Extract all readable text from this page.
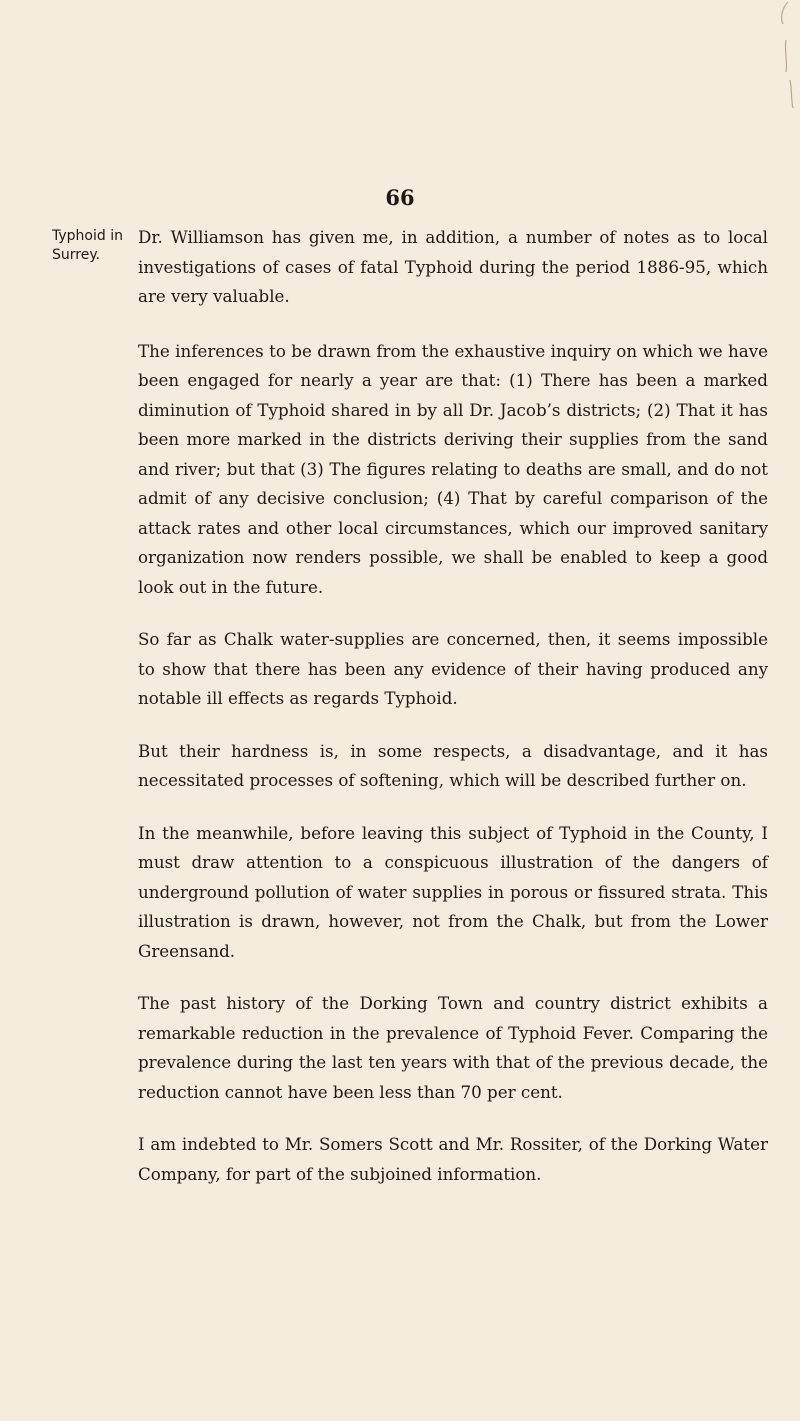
66
Typhoid in Surrey.

Dr. Williamson has given me, in addition, a number of notes as to local investigations of cases of fatal Typhoid during the period 1886-95, which are very valuable.

The inferences to be drawn from the exhaustive inquiry on which we have been engaged for nearly a year are that: (1) There has been a marked diminution of Typhoid shared in by all Dr. Jacob’s districts; (2) That it has been more marked in the districts deriving their supplies from the sand and river; but that (3) The figures relating to deaths are small, and do not admit of any decisive conclusion; (4) That by careful comparison of the attack rates and other local circumstances, which our improved sanitary organization now renders possible, we shall be enabled to keep a good look out in the future.

So far as Chalk water-supplies are concerned, then, it seems impossible to show that there has been any evidence of their having produced any notable ill effects as regards Typhoid.

But their hardness is, in some respects, a disadvantage, and it has necessitated processes of softening, which will be described further on.

In the meanwhile, before leaving this subject of Typhoid in the County, I must draw attention to a conspicuous illustration of the dangers of underground pollution of water supplies in porous or fissured strata. This illustration is drawn, however, not from the Chalk, but from the Lower Greensand.

The past history of the Dorking Town and country district exhibits a remarkable reduction in the prevalence of Typhoid Fever. Comparing the prevalence during the last ten years with that of the previous decade, the reduction cannot have been less than 70 per cent.

I am indebted to Mr. Somers Scott and Mr. Rossiter, of the Dorking Water Company, for part of the subjoined information.
